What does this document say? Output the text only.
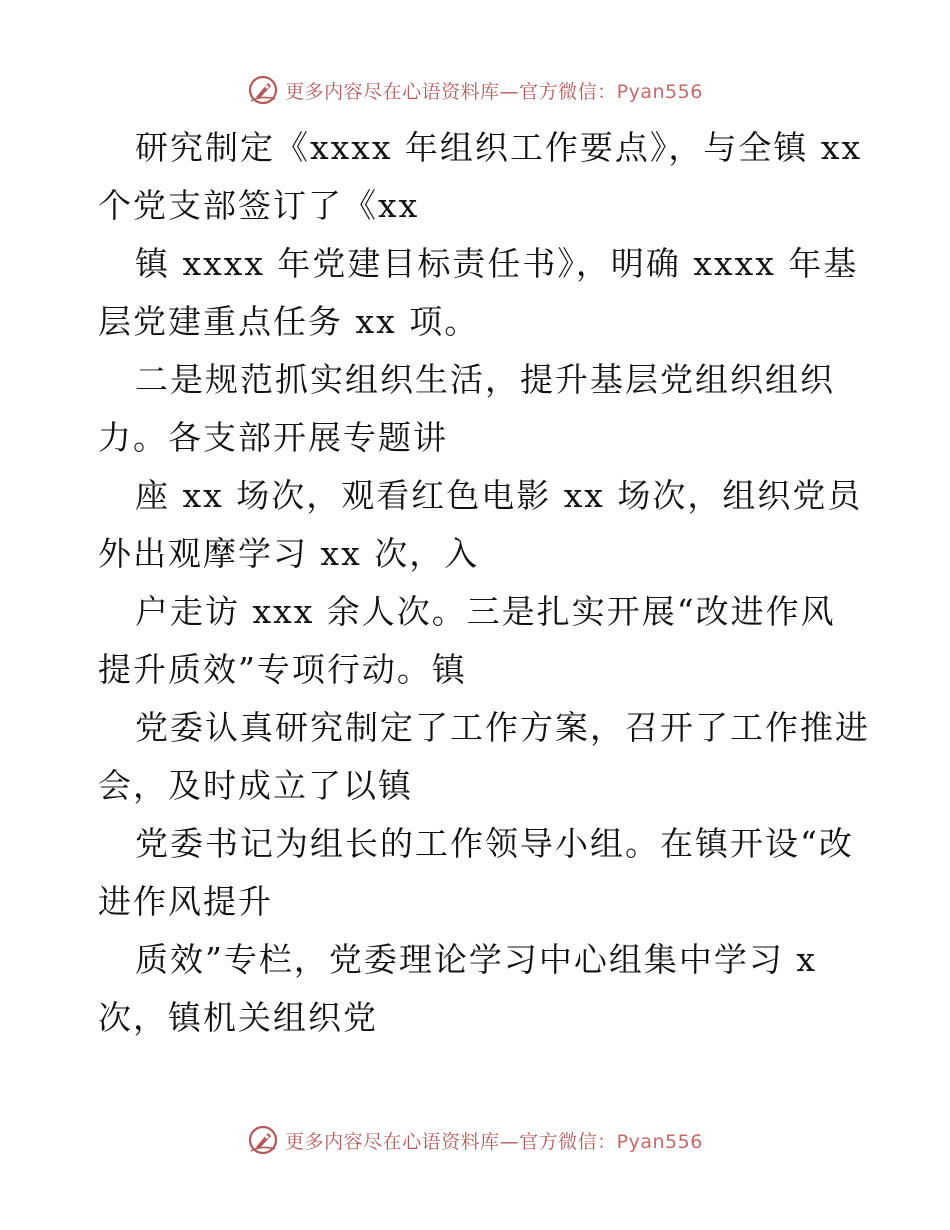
更多内容尽在心语资料库—官方微信：Pyan556
研究制定《xxxx 年组织工作要点》，与全镇 xx
个党支部签订了《xx
镇 xxxx 年党建目标责任书》，明确 xxxx 年基
层党建重点任务 xx 项。
二是规范抓实组织生活，提升基层党组织组织
力。各支部开展专题讲
座 xx 场次，观看红色电影 xx 场次，组织党员
外出观摩学习 xx 次，入
户走访 xxx 余人次。三是扎实开展“改进作风
提升质效”专项行动。镇
党委认真研究制定了工作方案，召开了工作推进
会，及时成立了以镇
党委书记为组长的工作领导小组。在镇开设“改
进作风提升
质效”专栏，党委理论学习中心组集中学习 x
次，镇机关组织党
更多内容尽在心语资料库—官方微信：Pyan556
